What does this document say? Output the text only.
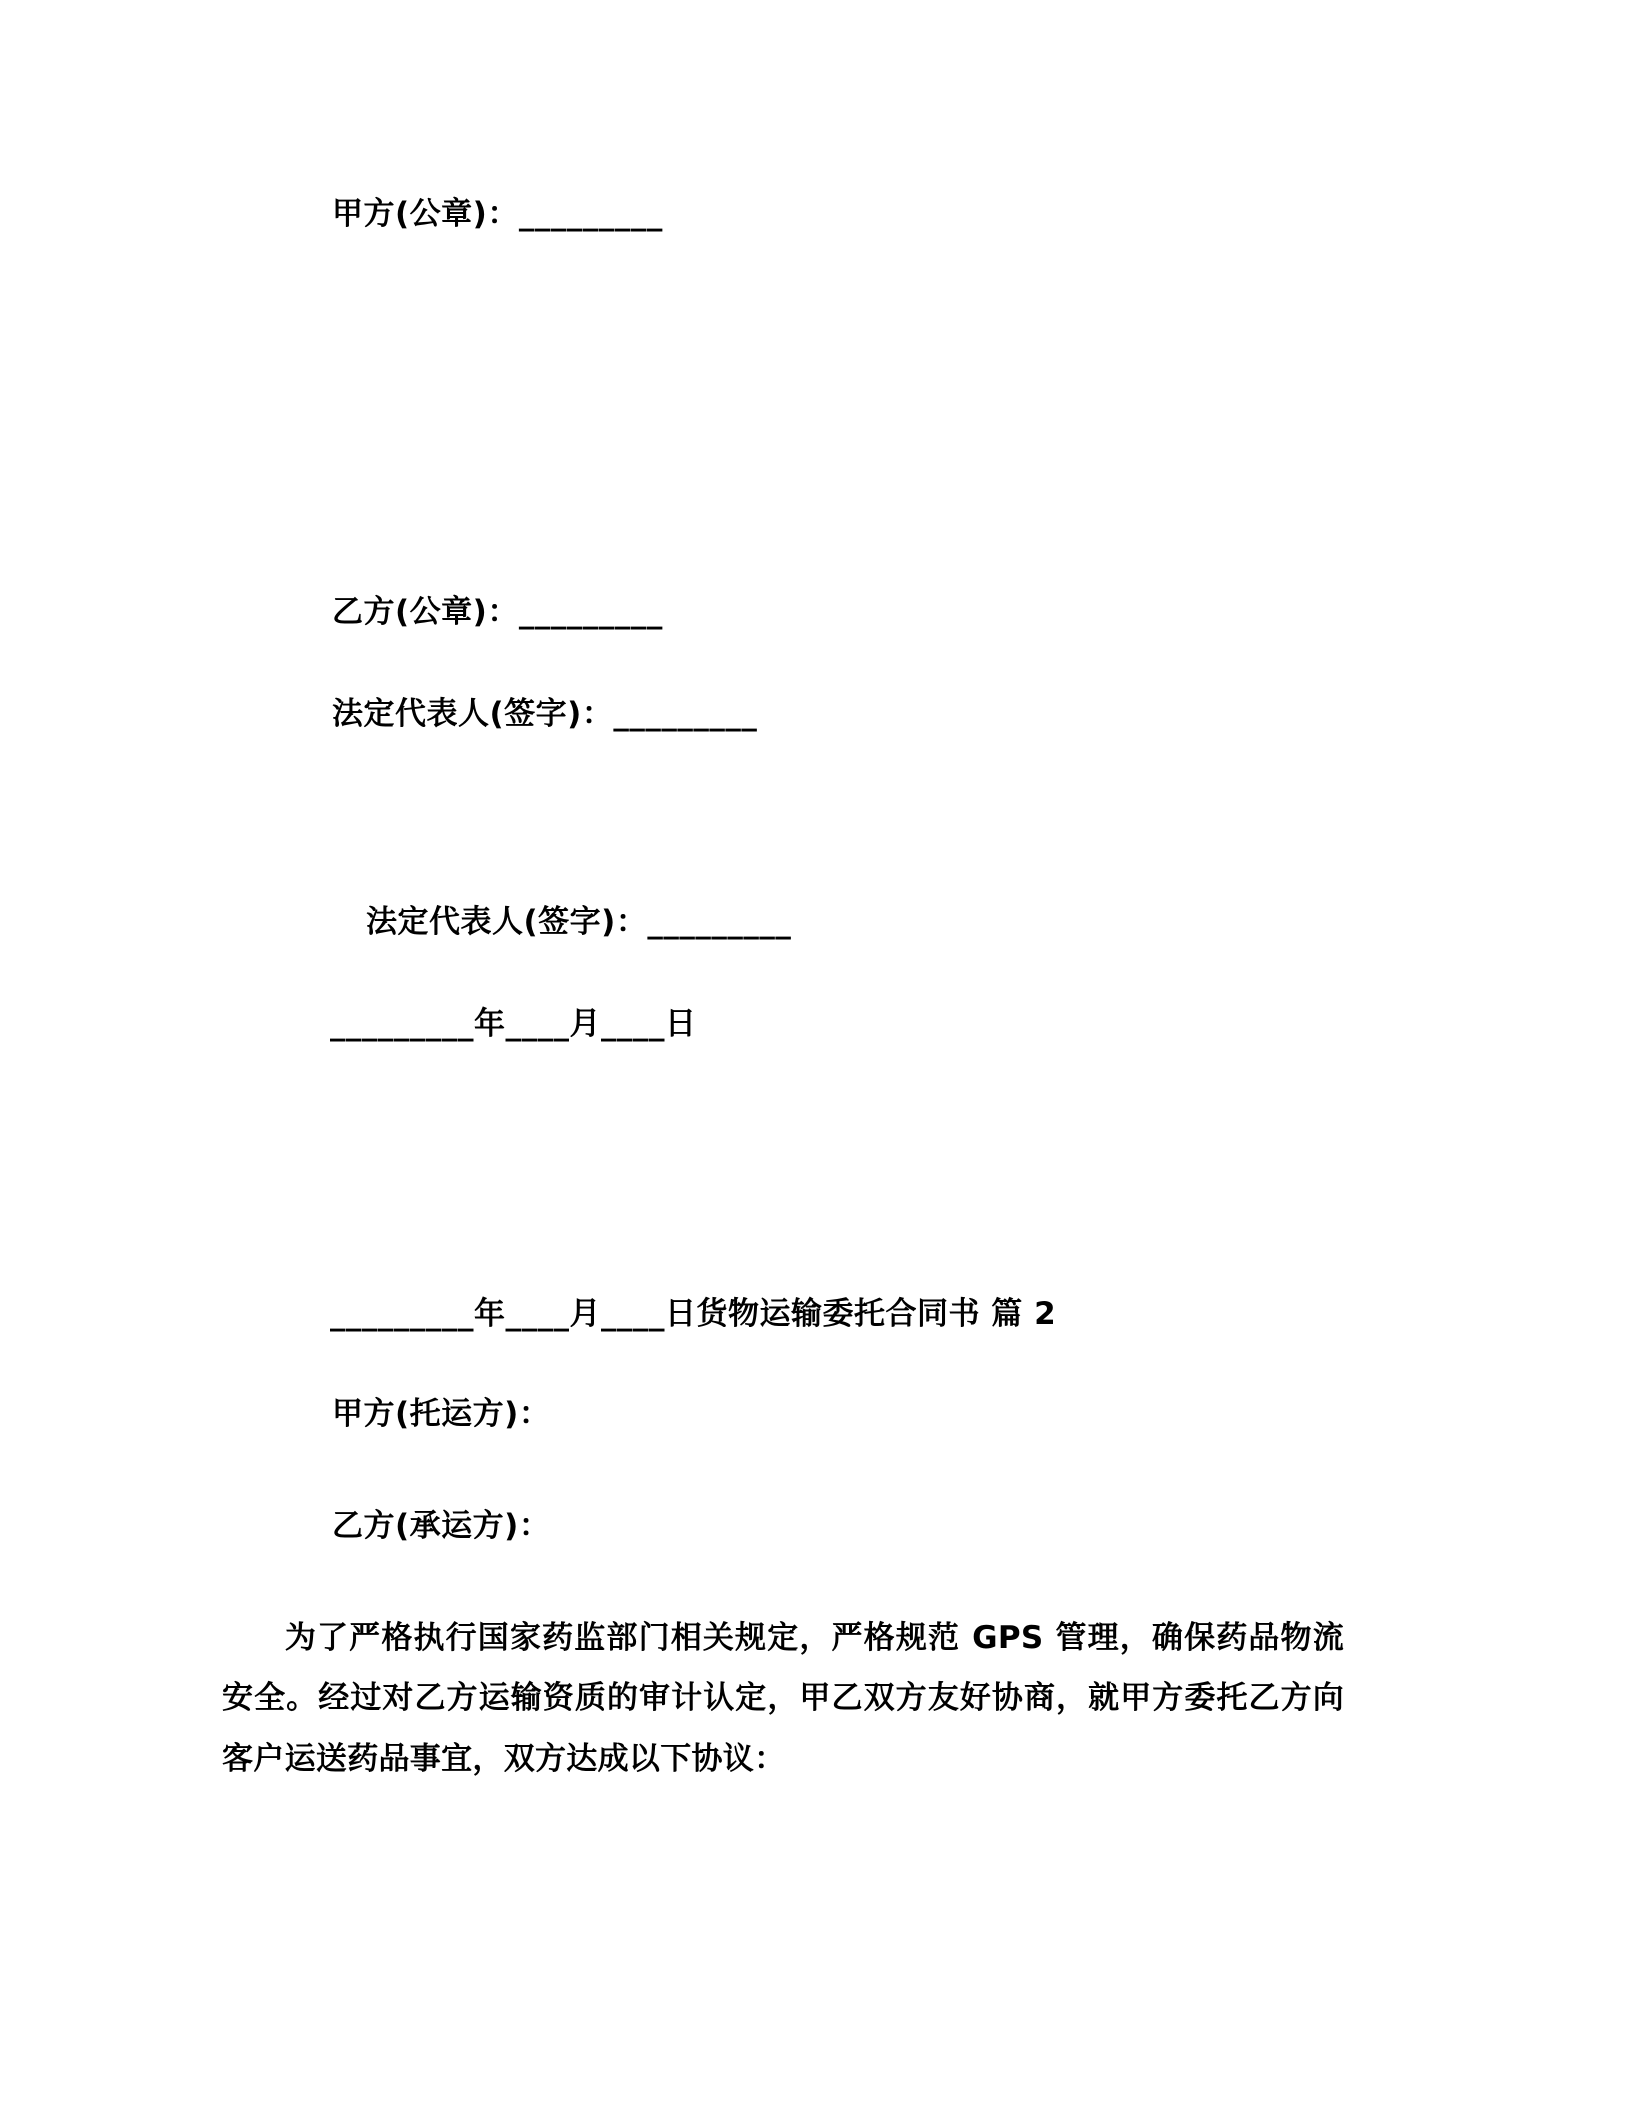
甲方(公章)：_________
乙方(公章)：_________
法定代表人(签字)：_________
法定代表人(签字)：_________
_________年____月____日
_________年____月____日货物运输委托合同书 篇 2
甲方(托运方)：
乙方(承运方)：
为了严格执行国家药监部门相关规定，严格规范 GPS 管理，确保药品物流安全。经过对乙方运输资质的审计认定，甲乙双方友好协商，就甲方委托乙方向客户运送药品事宜，双方达成以下协议：
